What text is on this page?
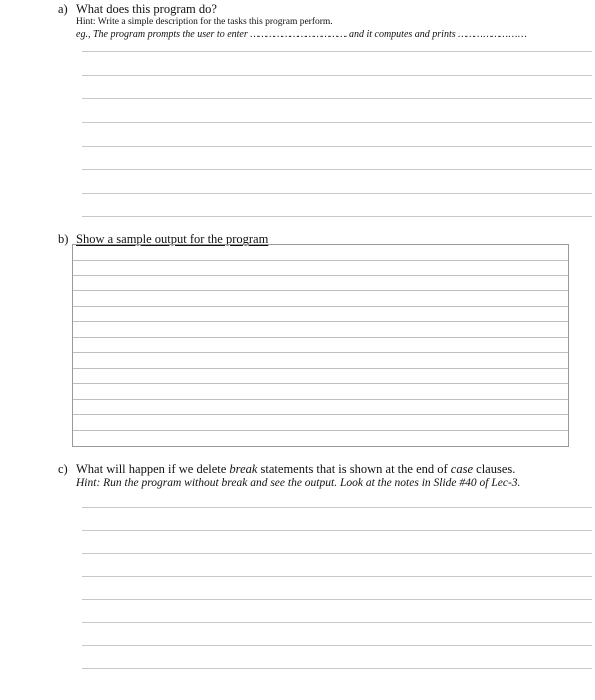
a) What does this program do?
Hint: Write a simple description for the tasks this program perform.
eg., The program prompts the user to enter ………………………………. and it computes and prints ……… ……… … …
b) Show a sample output for the program
c) What will happen if we delete break statements that is shown at the end of case clauses.
Hint: Run the program without break and see the output. Look at the notes in Slide #40 of Lec-3.
